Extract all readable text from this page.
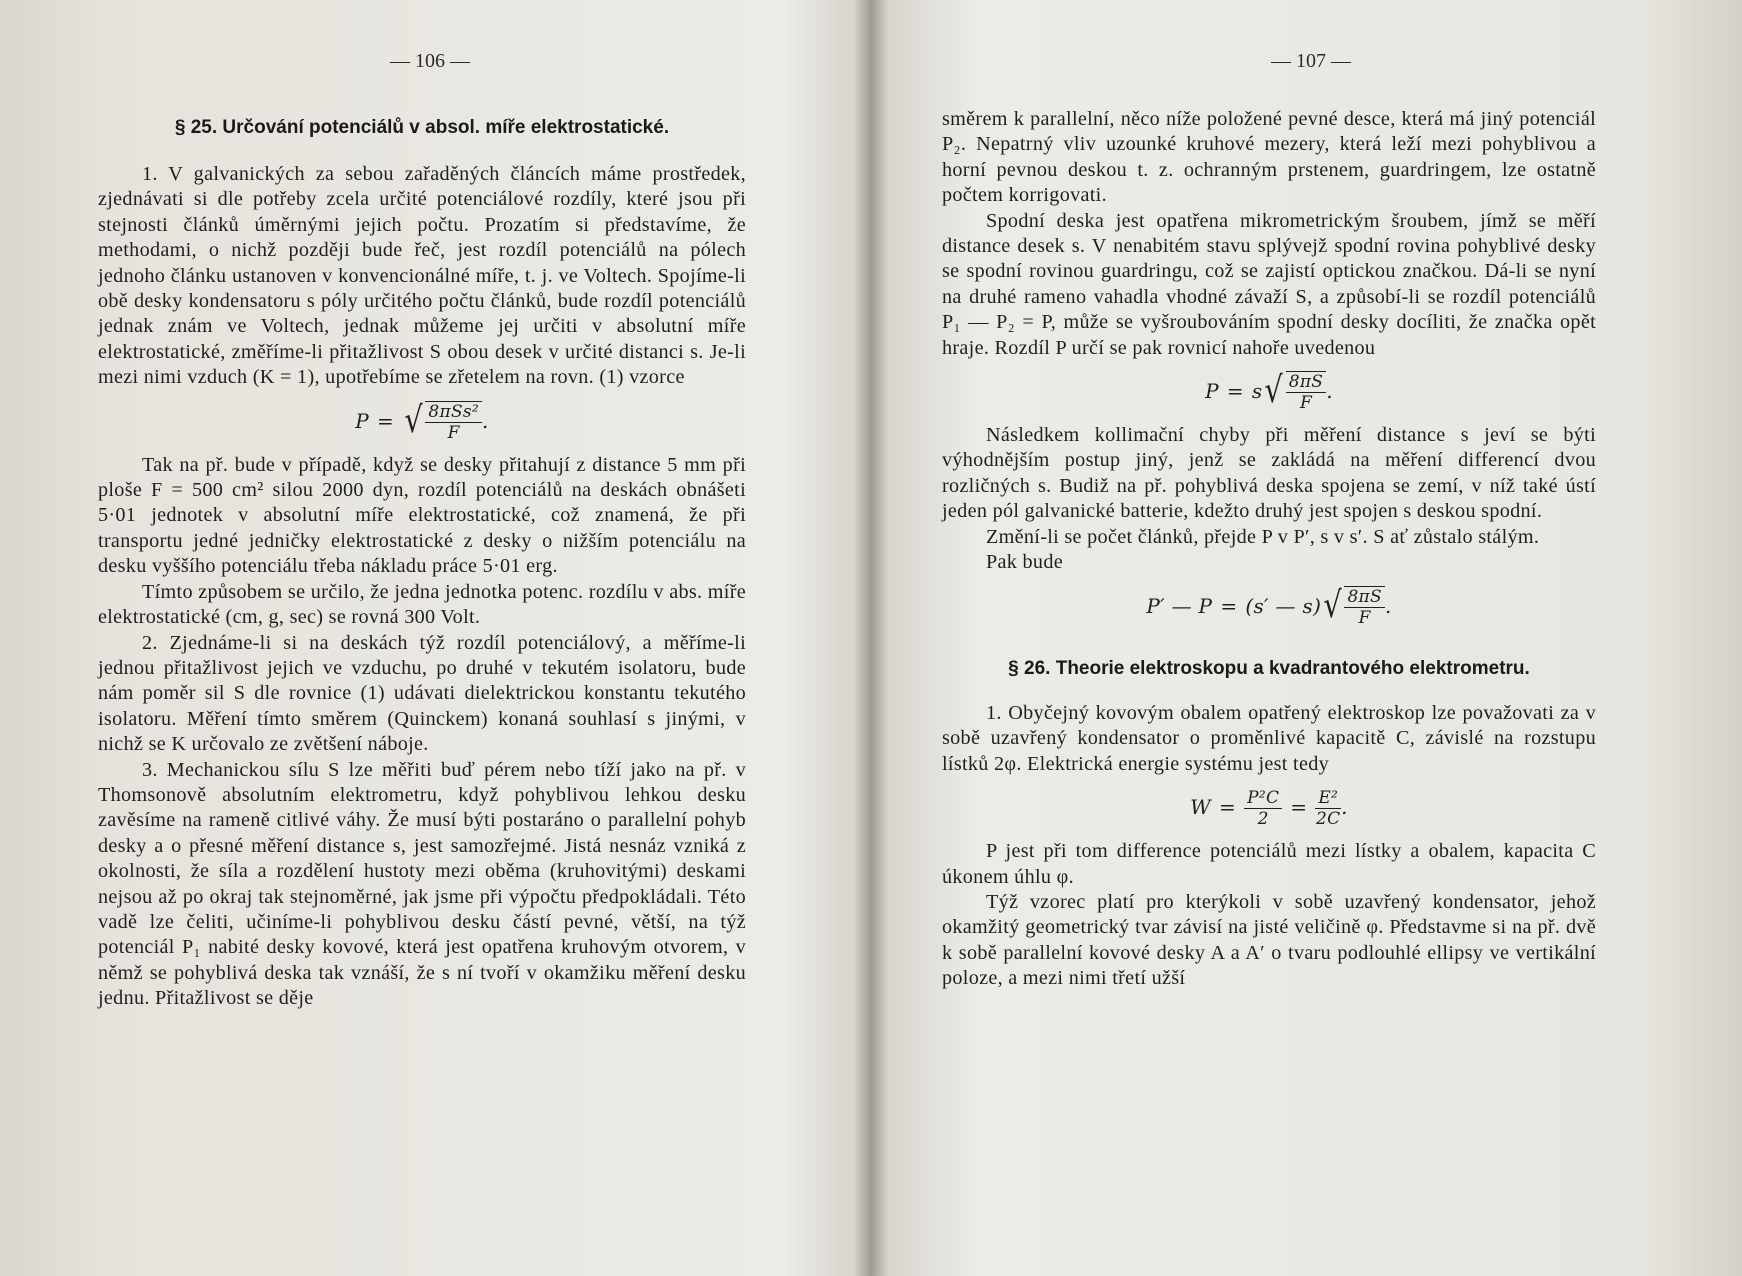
— 106 —
§ 25. Určování potenciálů v absol. míře elektrostatické.

1. V galvanických za sebou zařaděných článcích máme prostředek, zjednávati si dle potřeby zcela určité potenciálové rozdíly, které jsou při stejnosti článků úměrnými jejich počtu. Prozatím si představíme, že methodami, o nichž později bude řeč, jest rozdíl potenciálů na pólech jednoho článku ustanoven v konvencionálné míře, t. j. ve Voltech. Spojíme-li obě desky kondensatoru s póly určitého počtu článků, bude rozdíl potenciálů jednak znám ve Voltech, jednak můžeme jej určiti v absolutní míře elektrostatické, změříme-li přitažlivost S obou desek v určité distanci s. Je-li mezi nimi vzduch (K = 1), upotřebíme se zřetelem na rovn. (1) vzorce

P = √ $\frac{\text{8πSs²}}{F}$ .

Tak na př. bude v případě, když se desky přitahují z distance 5 mm při ploše F = 500 cm² silou 2000 dyn, rozdíl potenciálů na deskách obnášeti 5·01 jednotek v absolutní míře elektrostatické, což znamená, že při transportu jedné jedničky elektrostatické z desky o nižším potenciálu na desku vyššího potenciálu třeba nákladu práce 5·01 erg.

Tímto způsobem se určilo, že jedna jednotka potenc. rozdílu v abs. míře elektrostatické (cm, g, sec) se rovná 300 Volt.

2. Zjednáme-li si na deskách týž rozdíl potenciálový, a měříme-li jednou přitažlivost jejich ve vzduchu, po druhé v tekutém isolatoru, bude nám poměr sil S dle rovnice (1) udávati dielektrickou konstantu tekutého isolatoru. Měření tímto směrem (Quinckem) konaná souhlasí s jinými, v nichž se K určovalo ze zvětšení náboje.

3. Mechanickou sílu S lze měřiti buď pérem nebo tíží jako na př. v Thomsonově absolutním elektrometru, když pohyblivou lehkou desku zavěsíme na rameně citlivé váhy. Že musí býti postaráno o parallelní pohyb desky a o přesné měření distance s, jest samozřejmé. Jistá nesnáz vzniká z okolnosti, že síla a rozdělení hustoty mezi oběma (kruhovitými) deskami nejsou až po okraj tak stejnoměrné, jak jsme při výpočtu předpokládali. Této vadě lze čeliti, učiníme-li pohyblivou desku částí pevné, větší, na týž potenciál P₁ nabité desky kovové, která jest opatřena kruhovým otvorem, v němž se pohyblivá deska tak vznáší, že s ní tvoří v okamžiku měření desku jednu. Přitažlivost se děje

— 107 —

směrem k parallelní, něco níže položené pevné desce, která má jiný potenciál P₂. Nepatrný vliv uzounké kruhové mezery, která leží mezi pohyblivou a horní pevnou deskou t. z. ochranným prstenem, guardringem, lze ostatně počtem korrigovati.

Spodní deska jest opatřena mikrometrickým šroubem, jímž se měří distance desek s. V nenabitém stavu splývejž spodní rovina pohyblivé desky se spodní rovinou guardringu, což se zajistí optickou značkou. Dá-li se nyní na druhé rameno vahadla vhodné závaží S, a způsobí-li se rozdíl potenciálů P₁ — P₂ = P, může se vyšroubováním spodní desky docíliti, že značka opět hraje. Rozdíl P určí se pak rovnicí nahoře uvedenou

P = s √ $\frac{8\pi S}{F}$ .

Následkem kollimační chyby při měření distance s jeví se býti výhodnějším postup jiný, jenž se zakládá na měření differencí dvou rozličných s. Budiž na př. pohyblivá deska spojena se zemí, v níž také ústí jeden pól galvanické batterie, kdežto druhý jest spojen s deskou spodní.

Změní-li se počet článků, přejde P v P′, s v s′. S ať zůstalo stálým.

Pak bude

P′ — P = (s′ — s) √ $\frac{8\pi S}{F}$ .
§ 26. Theorie elektroskopu a kvadrantového elektrometru.

1. Obyčejný kovovým obalem opatřený elektroskop lze považovati za v sobě uzavřený kondensator o proměnlivé kapacitě C, závislé na rozstupu lístků 2φ. Elektrická energie systému jest tedy

$W = \frac{\text{P²C}}{2} = \frac{\text{E²}}{2C}$ .

P jest při tom difference potenciálů mezi lístky a obalem, kapacita C úkonem úhlu φ.

Týž vzorec platí pro kterýkoli v sobě uzavřený kondensator, jehož okamžitý geometrický tvar závisí na jisté veličině φ. Představme si na př. dvě k sobě parallelní kovové desky A a A′ o tvaru podlouhlé ellipsy ve vertikální poloze, a mezi nimi třetí užší
